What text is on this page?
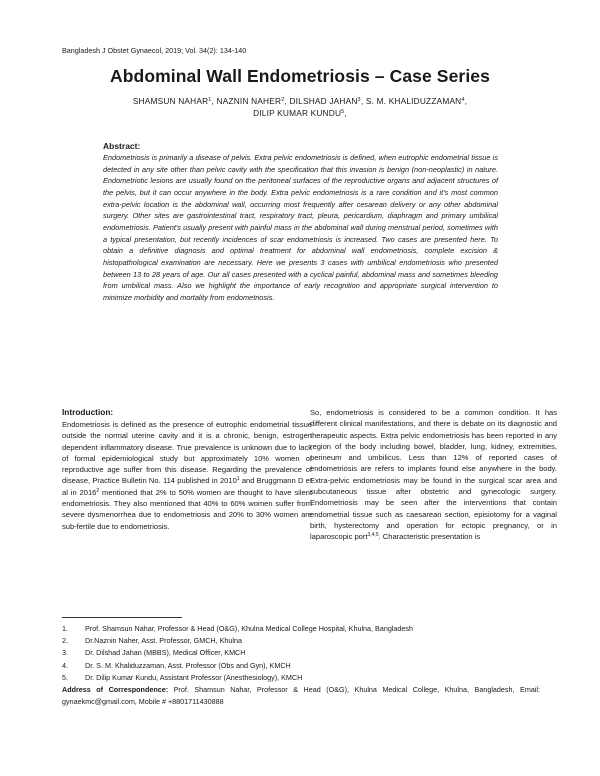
Bangladesh J Obstet Gynaecol, 2019; Vol. 34(2): 134-140
Abdominal Wall Endometriosis – Case Series
SHAMSUN NAHAR$^1$, NAZNIN NAHER$^2$, DILSHAD JAHAN$^3$, S. M. KHALIDUZZAMAN$^4$,
DILIP KUMAR KUNDU$^5$,
Abstract:

Endometriosis is primarily a disease of pelvis. Extra pelvic endometriosis is defined, when eutrophic endometrial tissue is detected in any site other than pelvic cavity with the specification that this invasion is benign (non-neoplastic) in nature. Endometriotic lesions are usually found on the peritoneal surfaces of the reproductive organs and adjacent structures of the pelvis, but it can occur anywhere in the body. Extra pelvic endometriosis is a rare condition and it's most common extra-pelvic location is the abdominal wall, occurring most frequently after cesarean delivery or any other abdominal surgery. Other sites are gastrointestinal tract, respiratory tract, pleura, pericardium, diaphragm and primary umbilical endometriosis. Patient's usually present with painful mass in the abdominal wall during menstrual period, sometimes with a typical presentation, but recently incidences of scar endometriosis is increased. Two cases are presented here. To obtain a definitive diagnosis and optimal treatment for abdominal wall endometriosis, complete excision & histopathological examination are necessary. Here we presents 3 cases with umbilical endometriosis who presented between 13 to 28 years of age. Our all cases presented with a cyclical painful, abdominal mass and sometimes bleeding from umbilical mass. Also we highlight the importance of early recognition and appropriate surgical intervention to minimize morbidity and mortality from endometriosis.

Introduction:

Endometriosis is defined as the presence of eutrophic endometrial tissue outside the normal uterine cavity and it is a chronic, benign, estrogen dependent inflammatory disease. True prevalence is unknown due to lack of formal epidemiological study but approximately 10% women of reproductive age suffer from this disease. Regarding the prevalence of disease, Practice Bulletin No. 114 published in 2010$^1$ and Bruggmann D et al in 2016$^2$ mentioned that 2% to 50% women are thought to have silent endometriosis. They also mentioned that 40% to 60% women suffer from severe dysmenorrhea due to endometriosis and 20% to 30% women are sub-fertile due to endometriosis.

So, endometriosis is considered to be a common condition. It has different clinical manifestations, and there is debate on its diagnostic and therapeutic aspects. Extra pelvic endometriosis has been reported in any region of the body including bowel, bladder, lung, kidney, extremities, perineum and umbilicus. Less than 12% of reported cases of endometriosis are refers to implants found else anywhere in the body. Extra-pelvic endometriosis may be found in the surgical scar area and subcutaneous tissue after obstetric and gynecologic surgery. Endometriosis may be seen after the interventions that contain endometrial tissue such as caesarean section, episiotomy for a vaginal birth, hysterectomy and operation for ectopic pregnancy, or in laparoscopic port$^{3,4,5}$. Characteristic presentation is

1.	Prof. Shamsun Nahar, Professor & Head (O&G), Khulna Medical College Hospital, Khulna, Bangladesh
2.	Dr.Naznin Naher, Asst. Professor, GMCH, Khulna
3.	Dr. Dilshad Jahan (MBBS), Medical Officer, KMCH
4.	Dr. S. M. Khaliduzzaman, Asst. Professor (Obs and Gyn), KMCH
5.	Dr. Dilip Kumar Kundu, Assistant Professor (Anesthesiology), KMCH
Address of Correspondence: Prof. Shamsun Nahar, Professor & Head (O&G), Khulna Medical College, Khulna, Bangladesh, Email: gynaekmc@gmail.com, Mobile # +8801711430888
